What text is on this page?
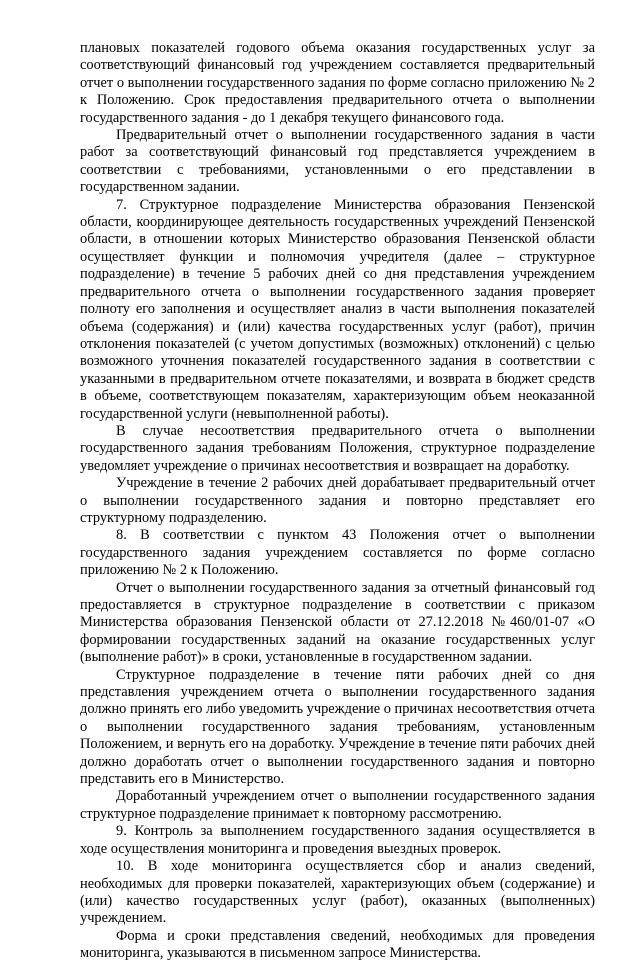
плановых показателей годового объема оказания государственных услуг за соответствующий финансовый год учреждением составляется предварительный отчет о выполнении государственного задания по форме согласно приложению № 2 к Положению. Срок предоставления предварительного отчета о выполнении государственного задания - до 1 декабря текущего финансового года.

Предварительный отчет о выполнении государственного задания в части работ за соответствующий финансовый год представляется учреждением в соответствии с требованиями, установленными о его представлении в государственном задании.

7. Структурное подразделение Министерства образования Пензенской области, координирующее деятельность государственных учреждений Пензенской области, в отношении которых Министерство образования Пензенской области осуществляет функции и полномочия учредителя (далее – структурное подразделение) в течение 5 рабочих дней со дня представления учреждением предварительного отчета о выполнении государственного задания проверяет полноту его заполнения и осуществляет анализ в части выполнения показателей объема (содержания) и (или) качества государственных услуг (работ), причин отклонения показателей (с учетом допустимых (возможных) отклонений) с целью возможного уточнения показателей государственного задания в соответствии с указанными в предварительном отчете показателями, и возврата в бюджет средств в объеме, соответствующем показателям, характеризующим объем неоказанной государственной услуги (невыполненной работы).

В случае несоответствия предварительного отчета о выполнении государственного задания требованиям Положения, структурное подразделение уведомляет учреждение о причинах несоответствия и возвращает на доработку.

Учреждение в течение 2 рабочих дней дорабатывает предварительный отчет о выполнении государственного задания и повторно представляет его структурному подразделению.

8. В соответствии с пунктом 43 Положения отчет о выполнении государственного задания учреждением составляется по форме согласно приложению № 2 к Положению.

Отчет о выполнении государственного задания за отчетный финансовый год предоставляется в структурное подразделение в соответствии с приказом Министерства образования Пензенской области от 27.12.2018 №460/01-07 «О формировании государственных заданий на оказание государственных услуг (выполнение работ)» в сроки, установленные в государственном задании.

Структурное подразделение в течение пяти рабочих дней со дня представления учреждением отчета о выполнении государственного задания должно принять его либо уведомить учреждение о причинах несоответствия отчета о выполнении государственного задания требованиям, установленным Положением, и вернуть его на доработку. Учреждение в течение пяти рабочих дней должно доработать отчет о выполнении государственного задания и повторно представить его в Министерство.

Доработанный учреждением отчет о выполнении государственного задания структурное подразделение принимает к повторному рассмотрению.

9. Контроль за выполнением государственного задания осуществляется в ходе осуществления мониторинга и проведения выездных проверок.

10. В ходе мониторинга осуществляется сбор и анализ сведений, необходимых для проверки показателей, характеризующих объем (содержание) и (или) качество государственных услуг (работ), оказанных (выполненных) учреждением.

Форма и сроки представления сведений, необходимых для проведения мониторинга, указываются в письменном запросе Министерства.
